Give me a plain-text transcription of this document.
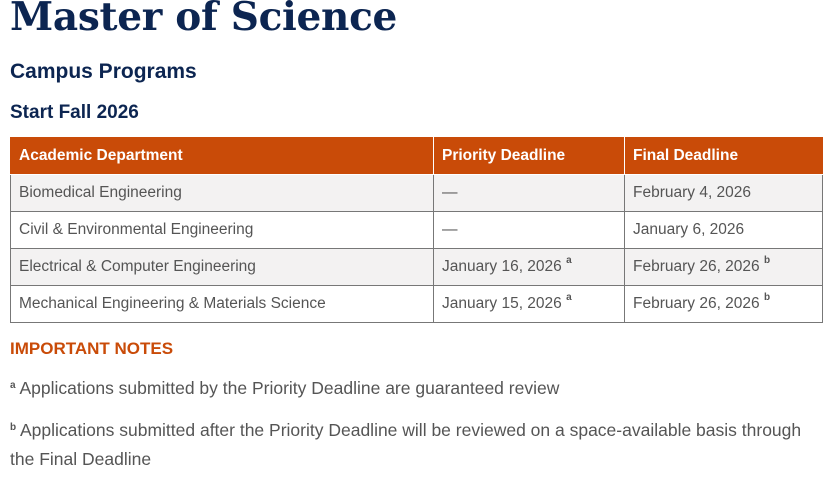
Master of Science
Campus Programs
Start Fall 2026
Academic Department	Priority Deadline	Final Deadline
Biomedical Engineering	—	February 4, 2026
Civil & Environmental Engineering	—	January 6, 2026
Electrical & Computer Engineering	January 16, 2026 $^a$	February 26, 2026 $^b$
Mechanical Engineering & Materials Science	January 15, 2026 $^a$	February 26, 2026 $^b$
IMPORTANT NOTES

$^a$ Applications submitted by the Priority Deadline are guaranteed review

$^b$ Applications submitted after the Priority Deadline will be reviewed on a space-available basis through the Final Deadline
